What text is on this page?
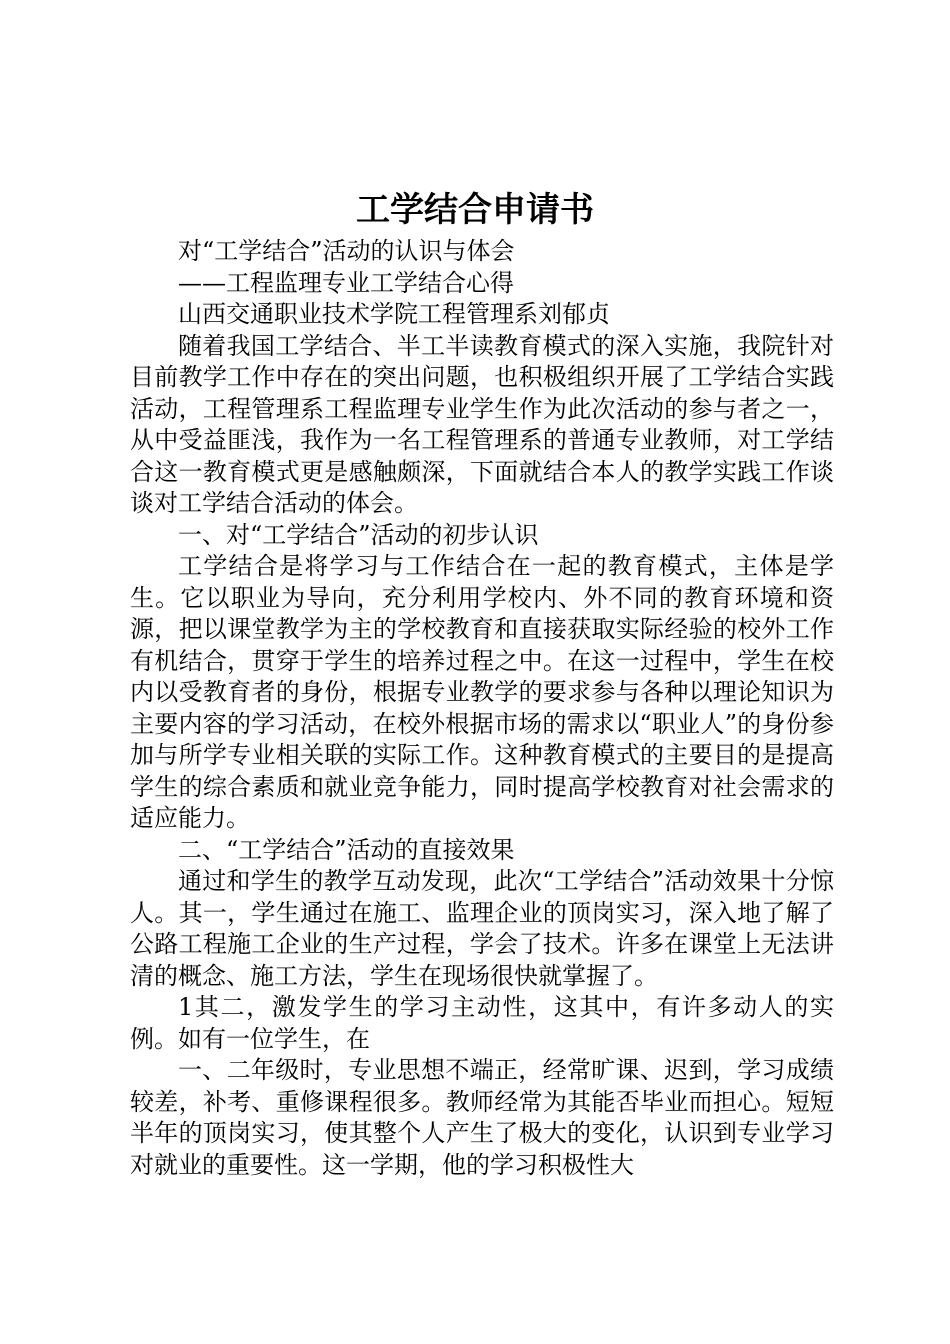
工学结合申请书

对“工学结合”活动的认识与体会

——工程监理专业工学结合心得

山西交通职业技术学院工程管理系刘郁贞

随着我国工学结合、半工半读教育模式的深入实施，我院针对目前教学工作中存在的突出问题，也积极组织开展了工学结合实践活动，工程管理系工程监理专业学生作为此次活动的参与者之一，从中受益匪浅，我作为一名工程管理系的普通专业教师，对工学结合这一教育模式更是感触颇深，下面就结合本人的教学实践工作谈谈对工学结合活动的体会。

一、对“工学结合”活动的初步认识

工学结合是将学习与工作结合在一起的教育模式，主体是学生。它以职业为导向，充分利用学校内、外不同的教育环境和资源，把以课堂教学为主的学校教育和直接获取实际经验的校外工作有机结合，贯穿于学生的培养过程之中。在这一过程中，学生在校内以受教育者的身份，根据专业教学的要求参与各种以理论知识为主要内容的学习活动，在校外根据市场的需求以“职业人”的身份参加与所学专业相关联的实际工作。这种教育模式的主要目的是提高学生的综合素质和就业竞争能力，同时提高学校教育对社会需求的适应能力。

二、“工学结合”活动的直接效果

通过和学生的教学互动发现，此次“工学结合”活动效果十分惊人。其一，学生通过在施工、监理企业的顶岗实习，深入地了解了公路工程施工企业的生产过程，学会了技术。许多在课堂上无法讲清的概念、施工方法，学生在现场很快就掌握了。

1其二，激发学生的学习主动性，这其中，有许多动人的实例。如有一位学生，在

一、二年级时，专业思想不端正，经常旷课、迟到，学习成绩较差，补考、重修课程很多。教师经常为其能否毕业而担心。短短半年的顶岗实习，使其整个人产生了极大的变化，认识到专业学习对就业的重要性。这一学期，他的学习积极性大
